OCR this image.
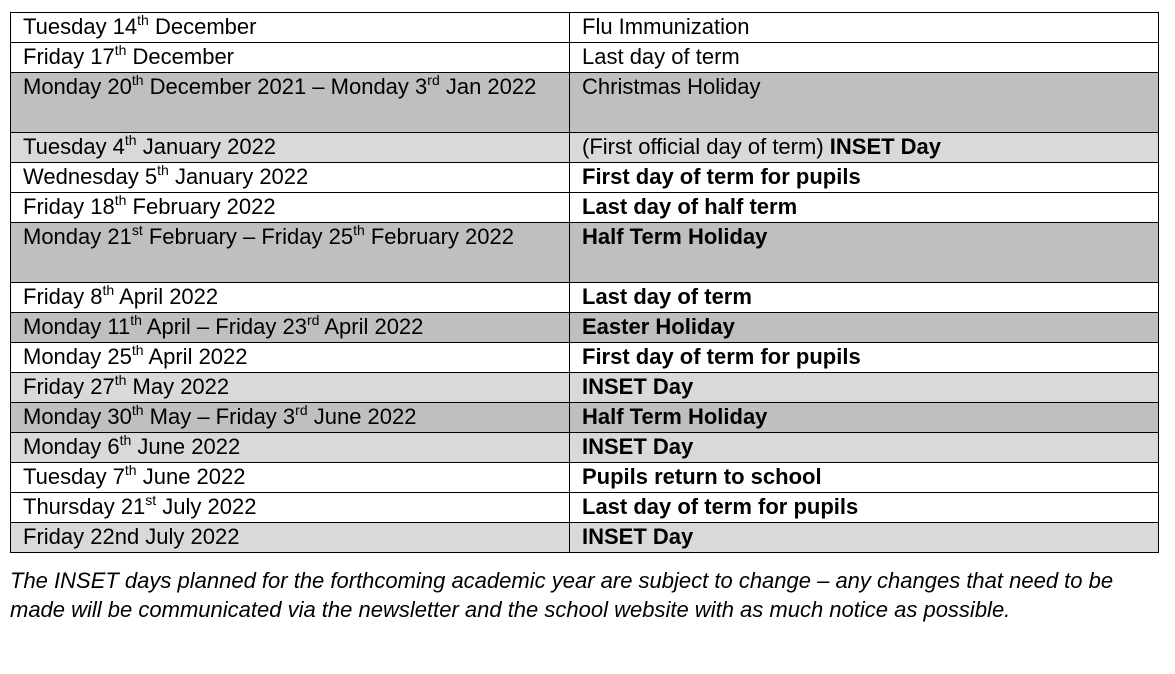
Tuesday 14th December	Flu Immunization
Friday 17th December	Last day of term
Monday 20th December 2021 – Monday 3rd Jan 2022	Christmas Holiday
Tuesday 4th January 2022	(First official day of term) INSET Day
Wednesday 5th January 2022	First day of term for pupils
Friday 18th February 2022	Last day of half term
Monday 21st February – Friday 25th February 2022	Half Term Holiday
Friday 8th April 2022	Last day of term
Monday 11th April – Friday 23rd April 2022	Easter Holiday
Monday 25th April 2022	First day of term for pupils
Friday 27th May 2022	INSET Day
Monday 30th May – Friday 3rd June 2022	Half Term Holiday
Monday 6th June 2022	INSET Day
Tuesday 7th June 2022	Pupils return to school
Thursday 21st July 2022	Last day of term for pupils
Friday 22nd July 2022	INSET Day

The INSET days planned for the forthcoming academic year are subject to change – any changes that need to be made will be communicated via the newsletter and the school website with as much notice as possible.
